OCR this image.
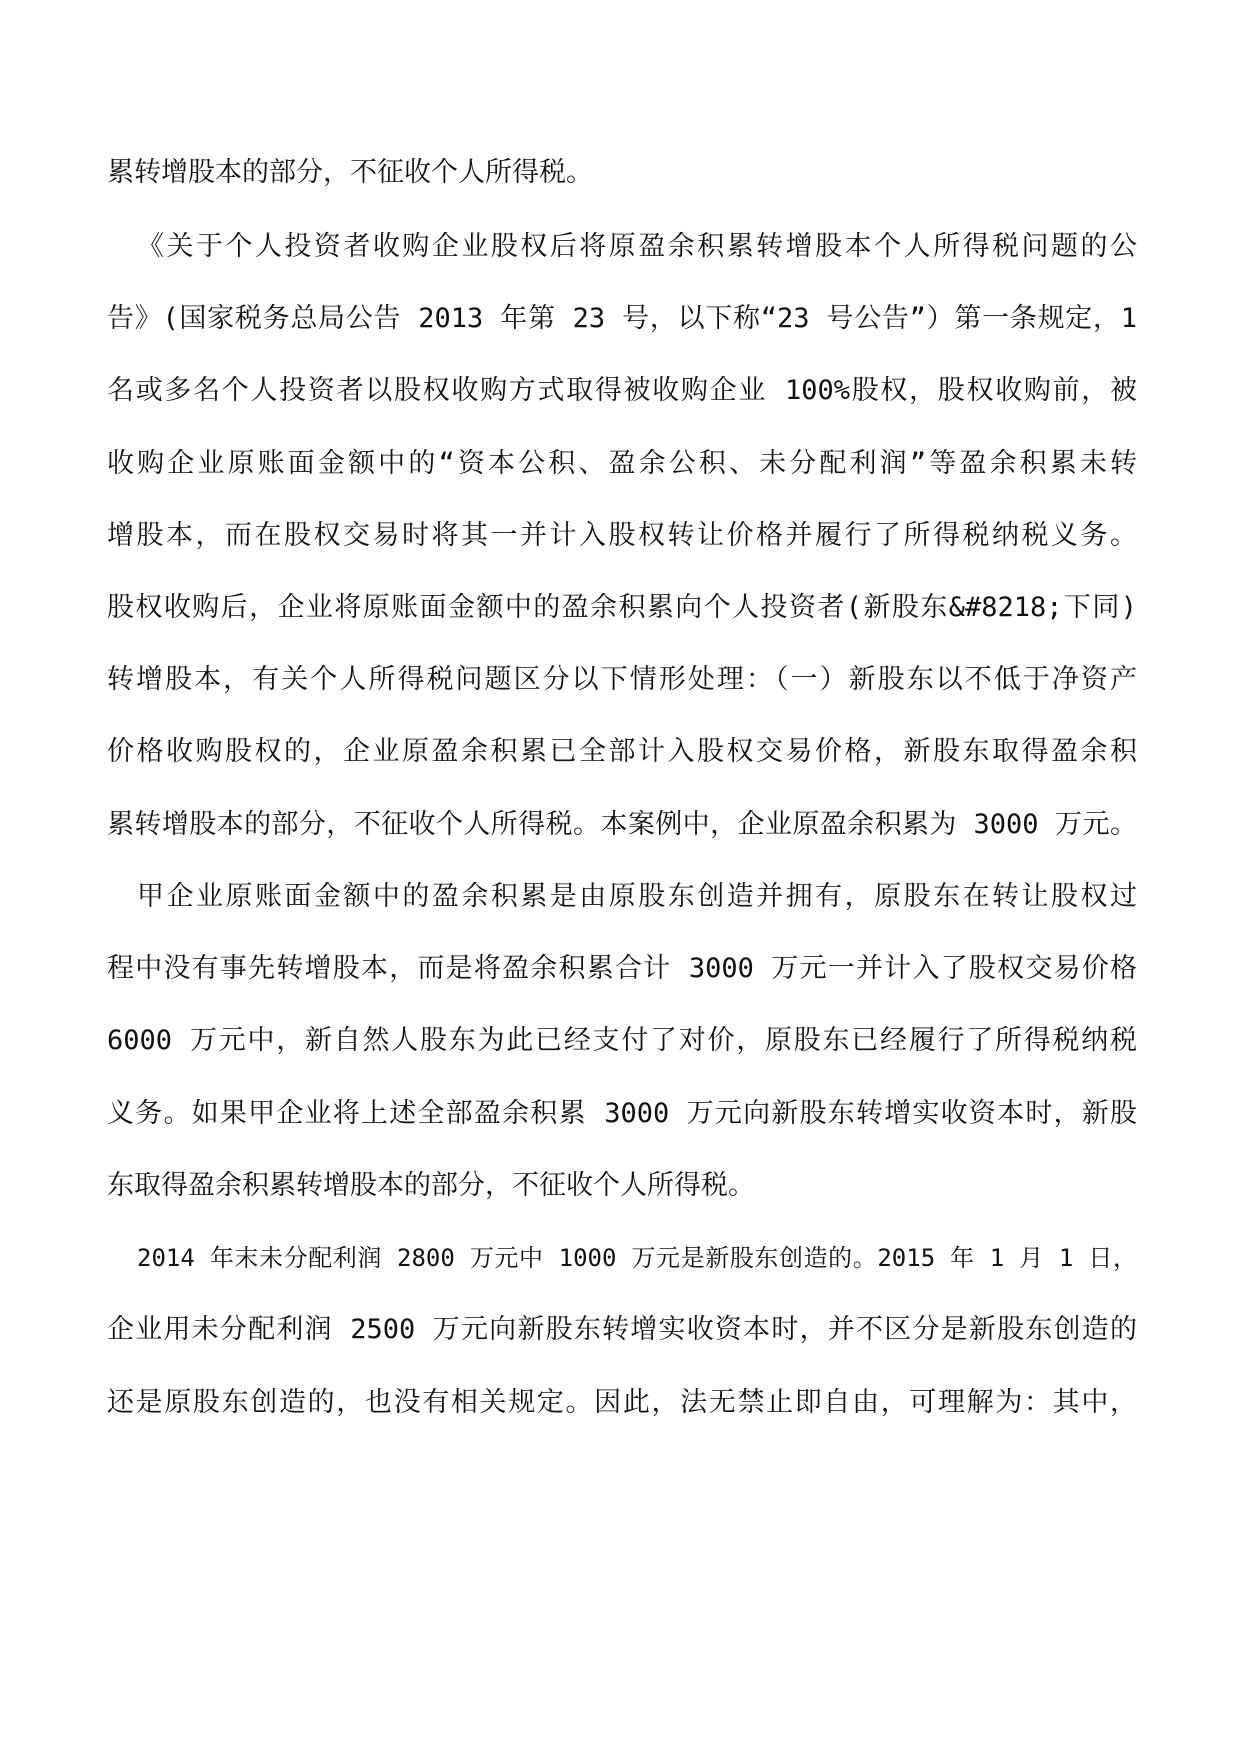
累转增股本的部分，不征收个人所得税。
《关于个人投资者收购企业股权后将原盈余积累转增股本个人所得税问题的公
告》(国家税务总局公告 2013 年第 23 号，以下称“23 号公告”）第一条规定，1
名或多名个人投资者以股权收购方式取得被收购企业 100%股权，股权收购前，被
收购企业原账面金额中的“资本公积、盈余公积、未分配利润”等盈余积累未转
增股本，而在股权交易时将其一并计入股权转让价格并履行了所得税纳税义务。
股权收购后，企业将原账面金额中的盈余积累向个人投资者(新股东&#8218;下同)
转增股本，有关个人所得税问题区分以下情形处理：（一）新股东以不低于净资产
价格收购股权的，企业原盈余积累已全部计入股权交易价格，新股东取得盈余积
累转增股本的部分，不征收个人所得税。本案例中，企业原盈余积累为 3000 万元。
甲企业原账面金额中的盈余积累是由原股东创造并拥有，原股东在转让股权过
程中没有事先转增股本，而是将盈余积累合计 3000 万元一并计入了股权交易价格
6000 万元中，新自然人股东为此已经支付了对价，原股东已经履行了所得税纳税
义务。如果甲企业将上述全部盈余积累 3000 万元向新股东转增实收资本时，新股
东取得盈余积累转增股本的部分，不征收个人所得税。
2014 年末未分配利润 2800 万元中 1000 万元是新股东创造的。2015 年 1 月 1 日，
企业用未分配利润 2500 万元向新股东转增实收资本时，并不区分是新股东创造的
还是原股东创造的，也没有相关规定。因此，法无禁止即自由，可理解为：其中，
